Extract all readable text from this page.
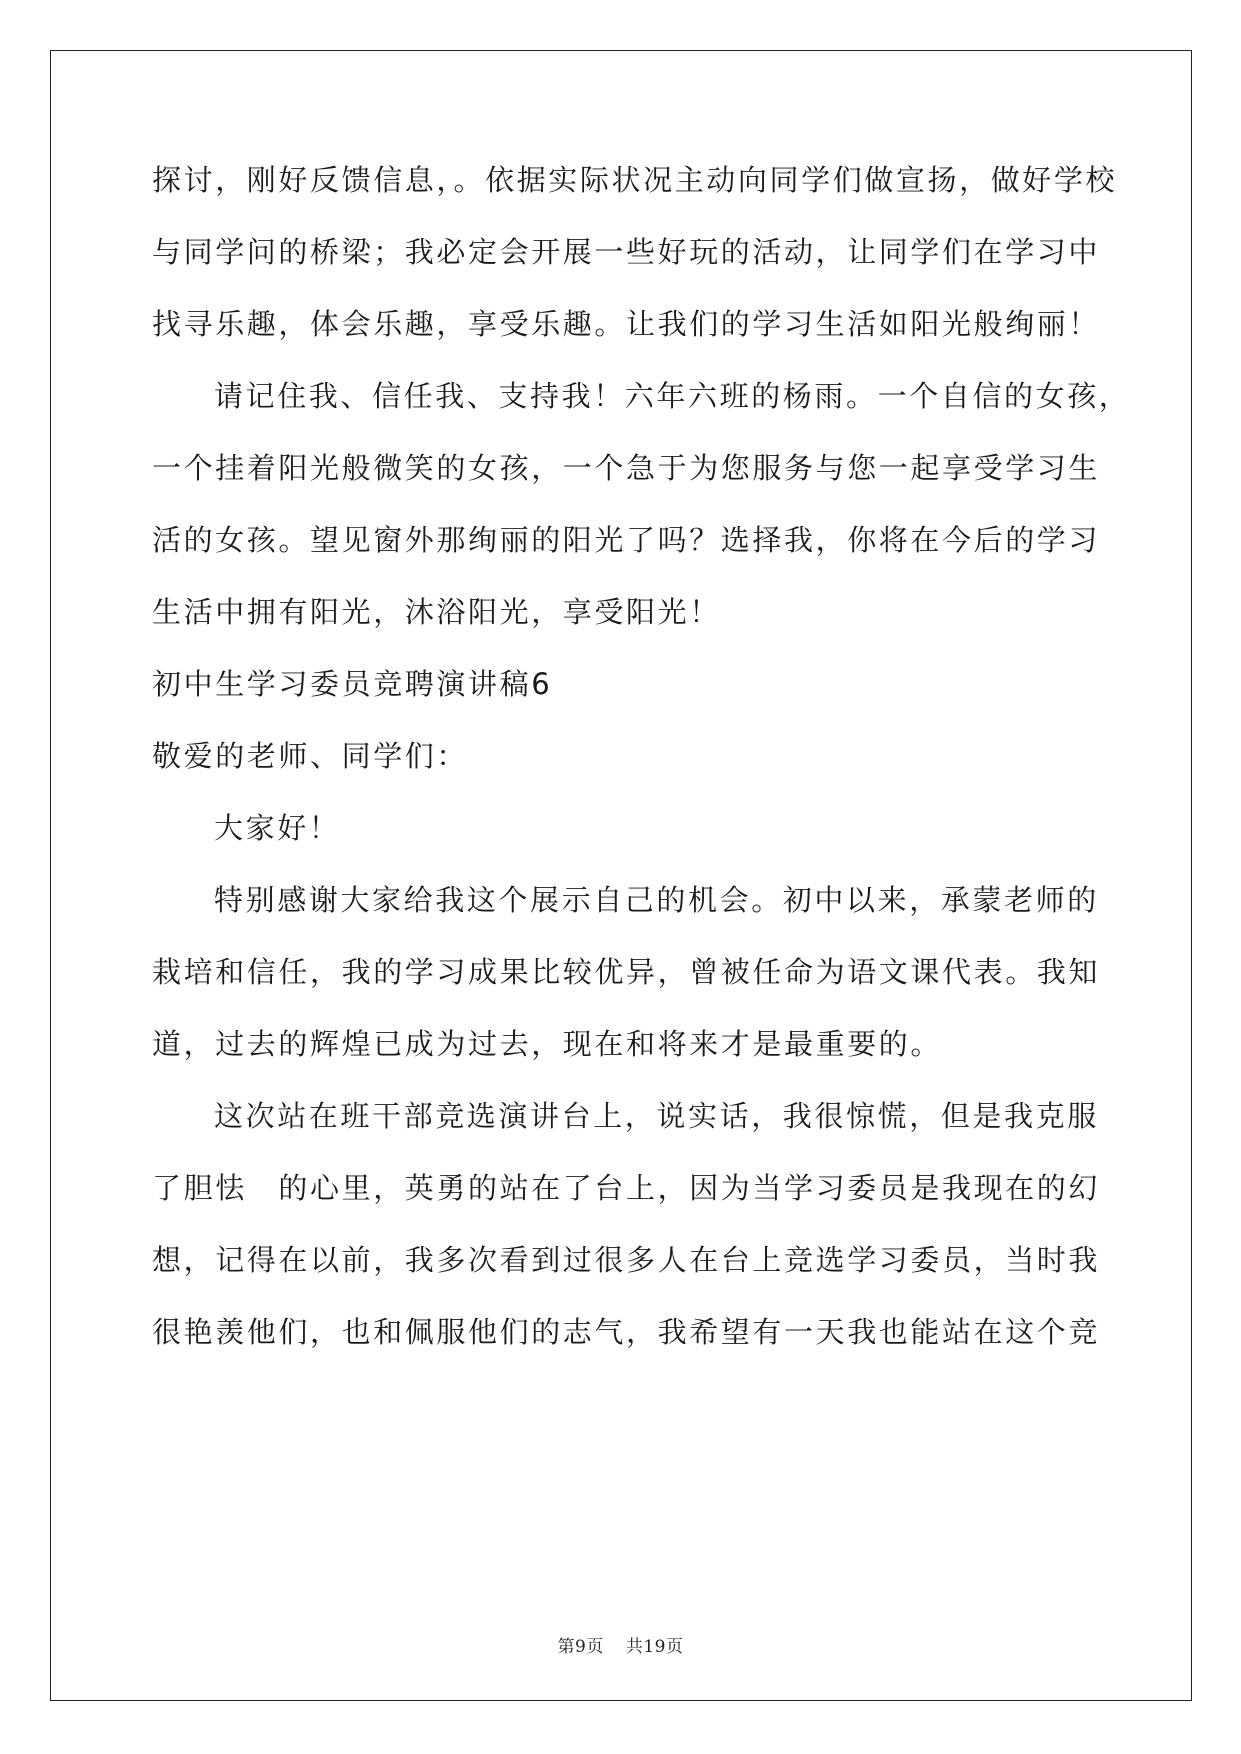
探讨，刚好反馈信息，。依据实际状况主动向同学们做宣扬，做好学校
与同学问的桥梁；我必定会开展一些好玩的活动，让同学们在学习中
找寻乐趣，体会乐趣，享受乐趣。让我们的学习生活如阳光般绚丽！
请记住我、信任我、支持我！六年六班的杨雨。一个自信的女孩，
一个挂着阳光般微笑的女孩，一个急于为您服务与您一起享受学习生
活的女孩。望见窗外那绚丽的阳光了吗？选择我，你将在今后的学习
生活中拥有阳光，沐浴阳光，享受阳光！
初中生学习委员竞聘演讲稿6
敬爱的老师、同学们：
大家好！
特别感谢大家给我这个展示自己的机会。初中以来，承蒙老师的
栽培和信任，我的学习成果比较优异，曾被任命为语文课代表。我知
道，过去的辉煌已成为过去，现在和将来才是最重要的。
这次站在班干部竞选演讲台上，说实话，我很惊慌，但是我克服
了胆怯　的心里，英勇的站在了台上，因为当学习委员是我现在的幻
想，记得在以前，我多次看到过很多人在台上竞选学习委员，当时我
很艳羡他们，也和佩服他们的志气，我希望有一天我也能站在这个竞
第9页 共19页
